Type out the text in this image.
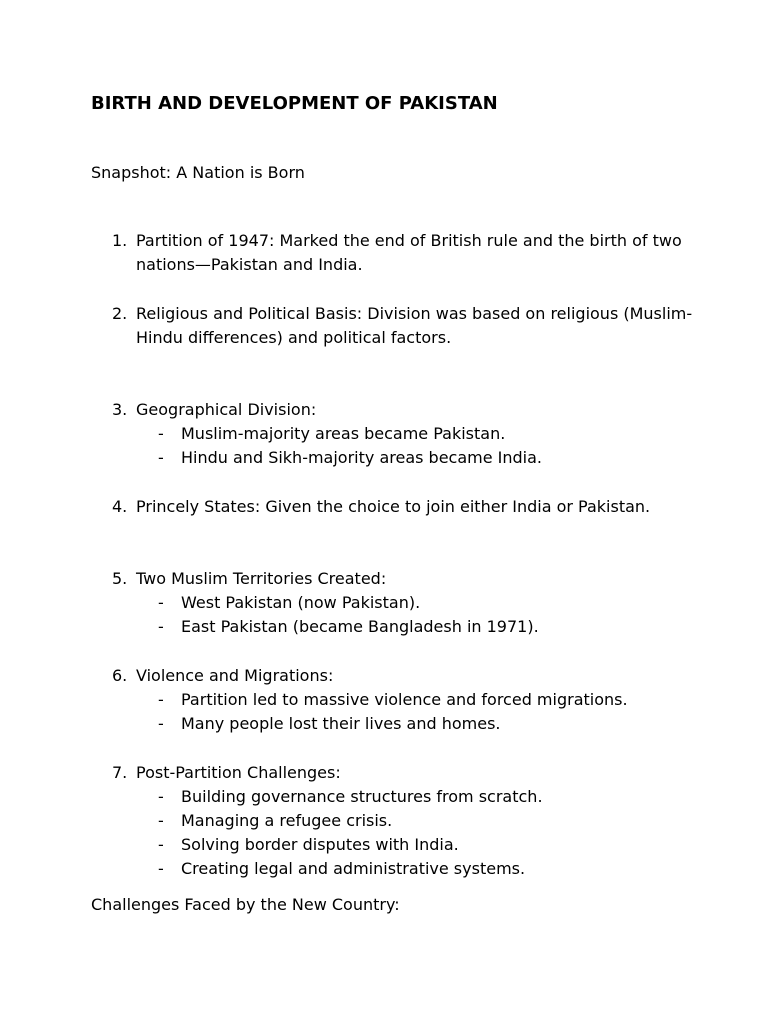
BIRTH AND DEVELOPMENT OF PAKISTAN

Snapshot: A Nation is Born

1. Partition of 1947: Marked the end of British rule and the birth of two nations—Pakistan and India.
2. Religious and Political Basis: Division was based on religious (Muslim-Hindu differences) and political factors.
3. Geographical Division:
- Muslim-majority areas became Pakistan.
- Hindu and Sikh-majority areas became India.
4. Princely States: Given the choice to join either India or Pakistan.
5. Two Muslim Territories Created:
- West Pakistan (now Pakistan).
- East Pakistan (became Bangladesh in 1971).
6. Violence and Migrations:
- Partition led to massive violence and forced migrations.
- Many people lost their lives and homes.
7. Post-Partition Challenges:
- Building governance structures from scratch.
- Managing a refugee crisis.
- Solving border disputes with India.
- Creating legal and administrative systems.

Challenges Faced by the New Country:
